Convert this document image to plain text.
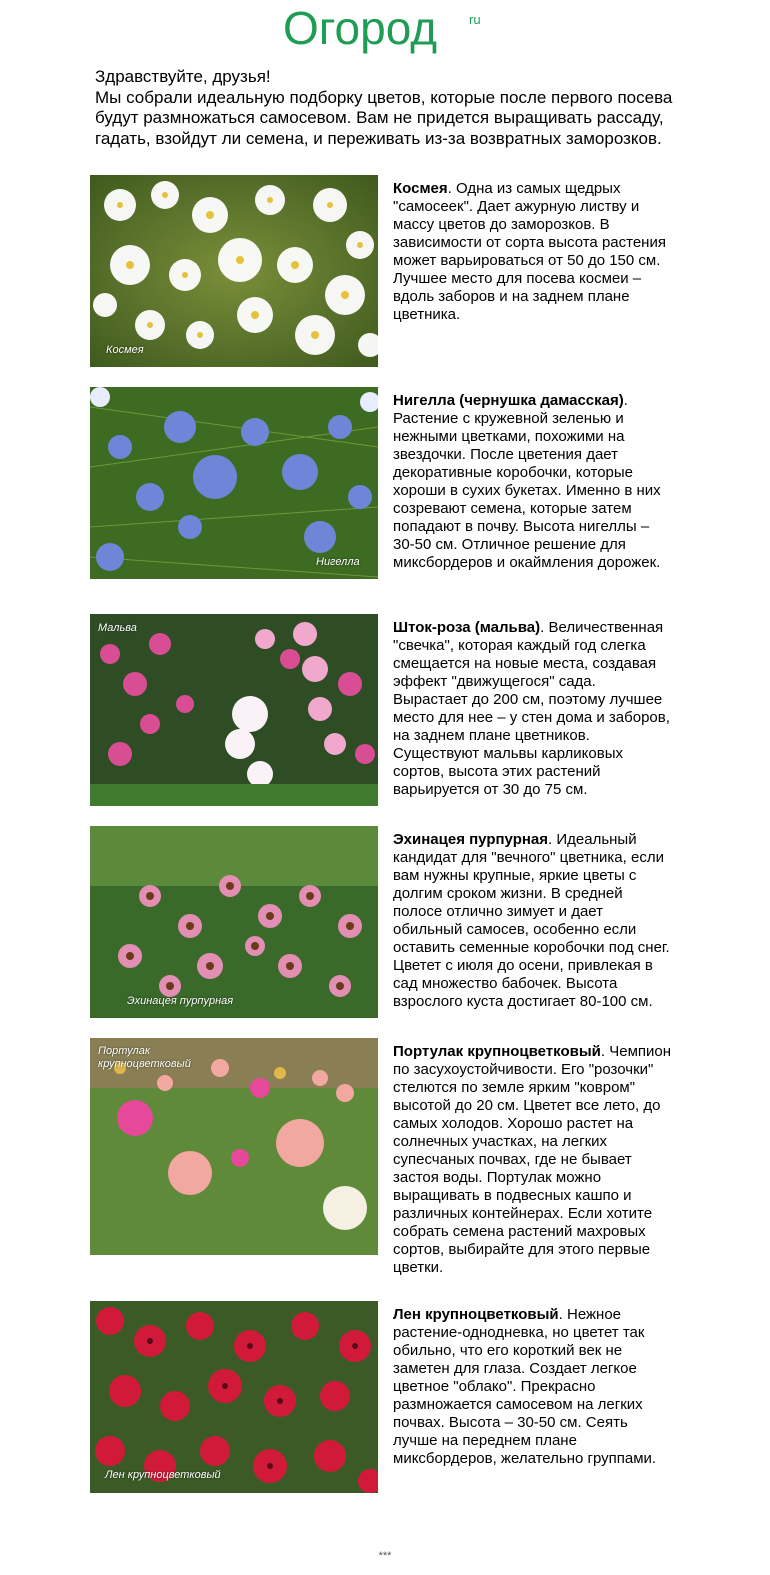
Огород ru

Здравствуйте, друзья!

Мы собрали идеальную подборку цветов, которые после первого посева будут размножаться самосевом. Вам не придется выращивать рассаду, гадать, взойдут ли семена, и переживать из-за возвратных заморозков.

Космея
Космея. Одна из самых щедрых "самосеек". Дает ажурную листву и массу цветов до заморозков. В зависимости от сорта высота растения может варьироваться от 50 до 150 см. Лучшее место для посева космеи – вдоль заборов и на заднем плане цветника.
Нигелла
Нигелла (чернушка дамасская). Растение с кружевной зеленью и нежными цветками, похожими на звездочки. После цветения дает декоративные коробочки, которые хороши в сухих букетах. Именно в них созревают семена, которые затем попадают в почву. Высота нигеллы – 30-50 см. Отличное решение для миксбордеров и окаймления дорожек.
Мальва	Шток-роза (мальва). Величественная "свечка", которая каждый год слегка смещается на новые места, создавая эффект "движущегося" сада. Вырастает до 200 см, поэтому лучшее место для нее – у стен дома и заборов, на заднем плане цветников. Существуют мальвы карликовых сортов, высота этих растений варьируется от 30 до 75 см.
Эхинацея пурпурная
Эхинацея пурпурная. Идеальный кандидат для "вечного" цветника, если вам нужны крупные, яркие цветы с долгим сроком жизни. В средней полосе отлично зимует и дает обильный самосев, особенно если оставить семенные коробочки под снег. Цветет с июля до осени, привлекая в сад множество бабочек. Высота взрослого куста достигает 80-100 см.
Портулак крупноцветковый
Портулак крупноцветковый. Чемпион по засухоустойчивости. Его "розочки" стелются по земле ярким "ковром" высотой до 20 см. Цветет все лето, до самых холодов. Хорошо растет на солнечных участках, на легких супесчаных почвах, где не бывает застоя воды. Портулак можно выращивать в подвесных кашпо и различных контейнерах. Если хотите собрать семена растений махровых сортов, выбирайте для этого первые цветки.
Лен крупноцветковый
Лен крупноцветковый. Нежное растение-однодневка, но цветет так обильно, что его короткий век не заметен для глаза. Создает легкое цветное "облако". Прекрасно размножается самосевом на легких почвах. Высота – 30-50 см. Сеять лучше на переднем плане миксбордеров, желательно группами.
***
